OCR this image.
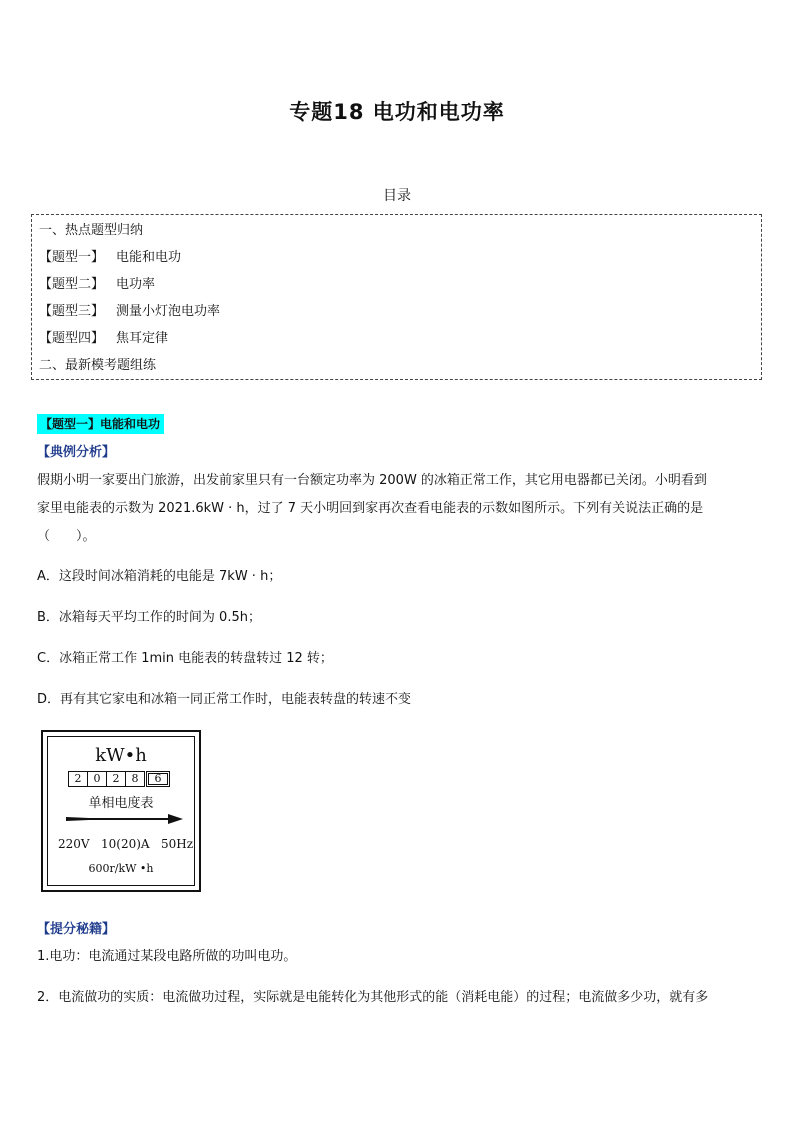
专题18 电功和电功率
目录
一、热点题型归纳
【题型一】 电能和电功
【题型二】 电功率
【题型三】 测量小灯泡电功率
【题型四】 焦耳定律
二、最新模考题组练
【题型一】电能和电功
【典例分析】
假期小明一家要出门旅游，出发前家里只有一台额定功率为 200W 的冰箱正常工作，其它用电器都已关闭。小明看到
家里电能表的示数为 2021.6kW · h，过了 7 天小明回到家再次查看电能表的示数如图所示。下列有关说法正确的是
（　　）。
A．这段时间冰箱消耗的电能是 7kW · h；
B．冰箱每天平均工作的时间为 0.5h；
C．冰箱正常工作 1min 电能表的转盘转过 12 转；
D．再有其它家电和冰箱一同正常工作时，电能表转盘的转速不变
kW•h
2	0	2	8	6
单相电度表
220V   10(20)A   50Hz
600r/kW •h
【提分秘籍】
1.电功：电流通过某段电路所做的功叫电功。
2．电流做功的实质：电流做功过程，实际就是电能转化为其他形式的能（消耗电能）的过程；电流做多少功，就有多
